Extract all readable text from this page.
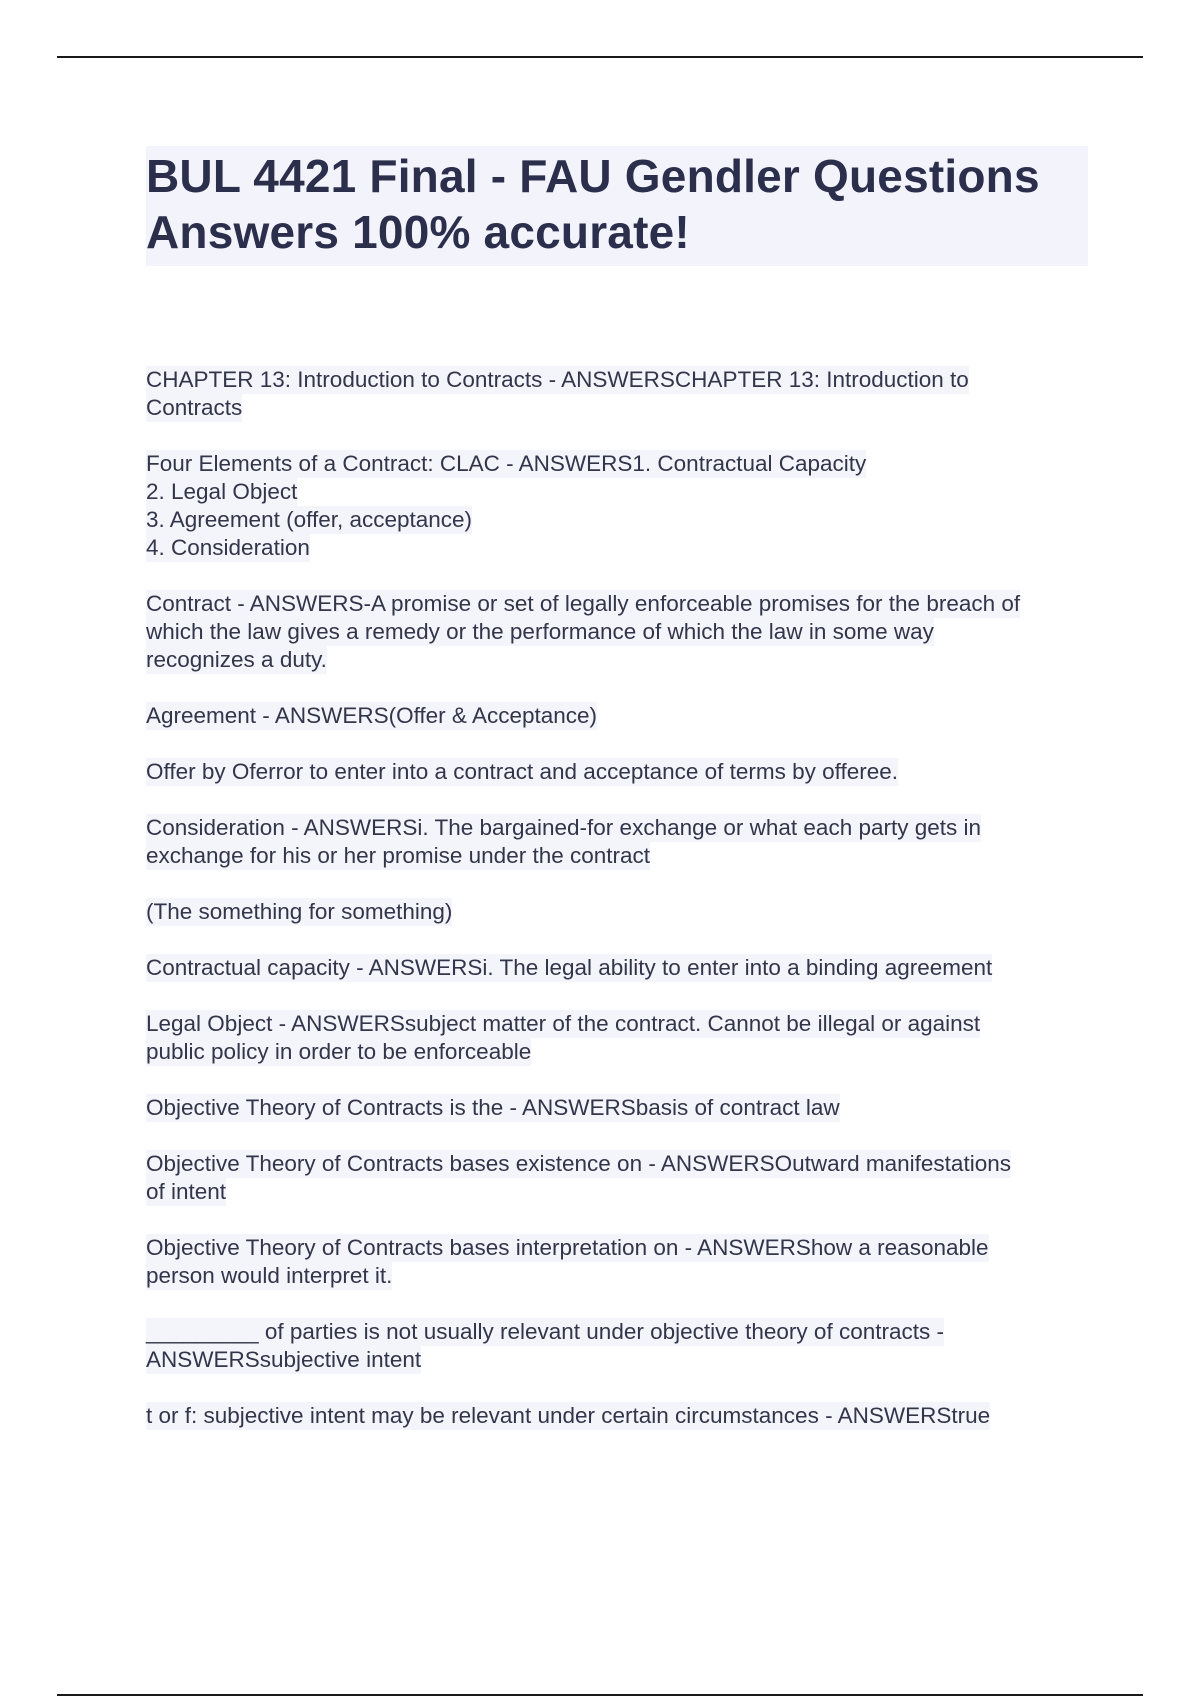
BUL 4421 Final - FAU Gendler Questions
Answers 100% accurate!
CHAPTER 13: Introduction to Contracts - ANSWERSCHAPTER 13: Introduction to
Contracts
Four Elements of a Contract: CLAC - ANSWERS1. Contractual Capacity
2. Legal Object
3. Agreement (offer, acceptance)
4. Consideration
Contract - ANSWERS-A promise or set of legally enforceable promises for the breach of
which the law gives a remedy or the performance of which the law in some way
recognizes a duty.
Agreement - ANSWERS(Offer & Acceptance)
Offer by Oferror to enter into a contract and acceptance of terms by offeree.
Consideration - ANSWERSi. The bargained-for exchange or what each party gets in
exchange for his or her promise under the contract
(The something for something)
Contractual capacity - ANSWERSi. The legal ability to enter into a binding agreement
Legal Object - ANSWERSsubject matter of the contract. Cannot be illegal or against
public policy in order to be enforceable
Objective Theory of Contracts is the - ANSWERSbasis of contract law
Objective Theory of Contracts bases existence on - ANSWERSOutward manifestations
of intent
Objective Theory of Contracts bases interpretation on - ANSWERShow a reasonable
person would interpret it.
_________ of parties is not usually relevant under objective theory of contracts -
ANSWERSsubjective intent
t or f: subjective intent may be relevant under certain circumstances - ANSWERStrue
